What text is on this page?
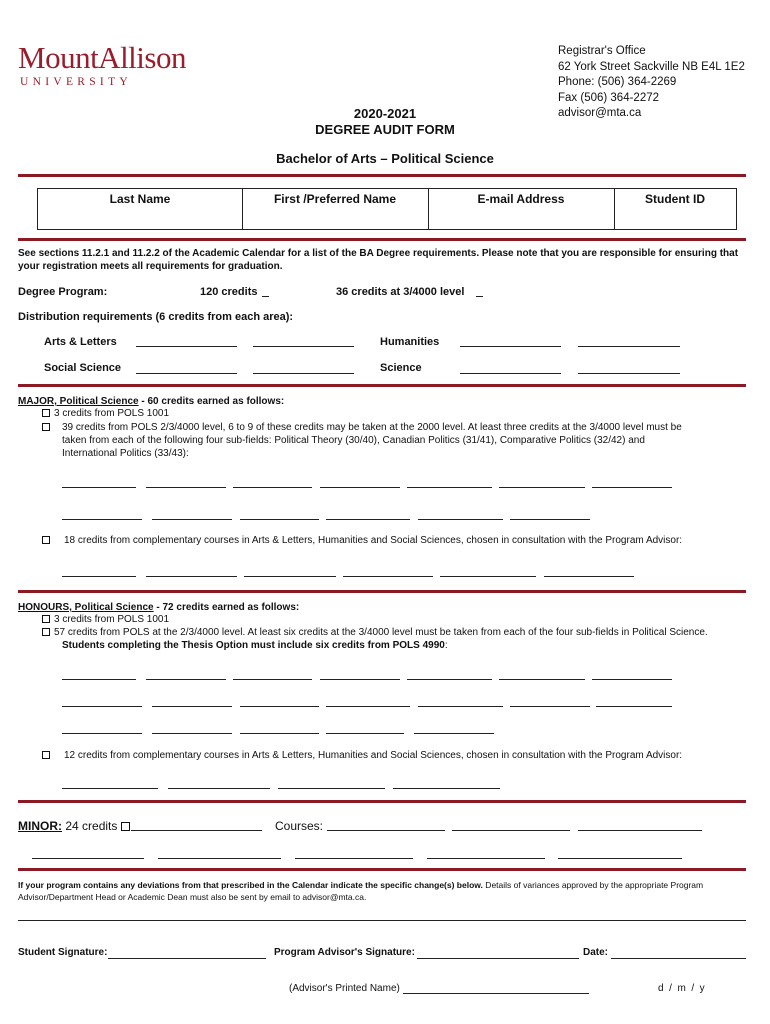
MountAllison
UNIVERSITY
Registrar's Office
62 York Street Sackville NB E4L 1E2
Phone: (506) 364-2269
Fax (506) 364-2272
advisor@mta.ca
2020-2021
DEGREE AUDIT FORM
Bachelor of Arts – Political Science
Last Name	First /Preferred Name	E-mail Address	Student ID
See sections 11.2.1 and 11.2.2 of the Academic Calendar for a list of the BA Degree requirements. Please note that you are responsible for ensuring that your registration meets all requirements for graduation.
Degree Program:	120 credits	36 credits at 3/4000 level
Distribution requirements (6 credits from each area):
Arts & Letters	Humanities
Social Science	Science
MAJOR, Political Science - 60 credits earned as follows:
3 credits from POLS 1001
39 credits from POLS 2/3/4000 level, 6 to 9 of these credits may be taken at the 2000 level. At least three credits at the 3/4000 level must be taken from each of the following four sub-fields: Political Theory (30/40), Canadian Politics (31/41), Comparative Politics (32/42) and International Politics (33/43):
18 credits from complementary courses in Arts & Letters, Humanities and Social Sciences, chosen in consultation with the Program Advisor:
HONOURS, Political Science - 72 credits earned as follows:
3 credits from POLS 1001
57 credits from POLS at the 2/3/4000 level. At least six credits at the 3/4000 level must be taken from each of the four sub-fields in Political Science.
Students completing the Thesis Option must include six credits from POLS 4990:
12 credits from complementary courses in Arts & Letters, Humanities and Social Sciences, chosen in consultation with the Program Advisor:
MINOR: 24 credits	Courses:
If your program contains any deviations from that prescribed in the Calendar indicate the specific change(s) below. Details of variances approved by the appropriate Program Advisor/Department Head or Academic Dean must also be sent by email to advisor@mta.ca.
Student Signature:	Program Advisor's Signature:	Date:
(Advisor's Printed Name)	d  /  m  /  y
